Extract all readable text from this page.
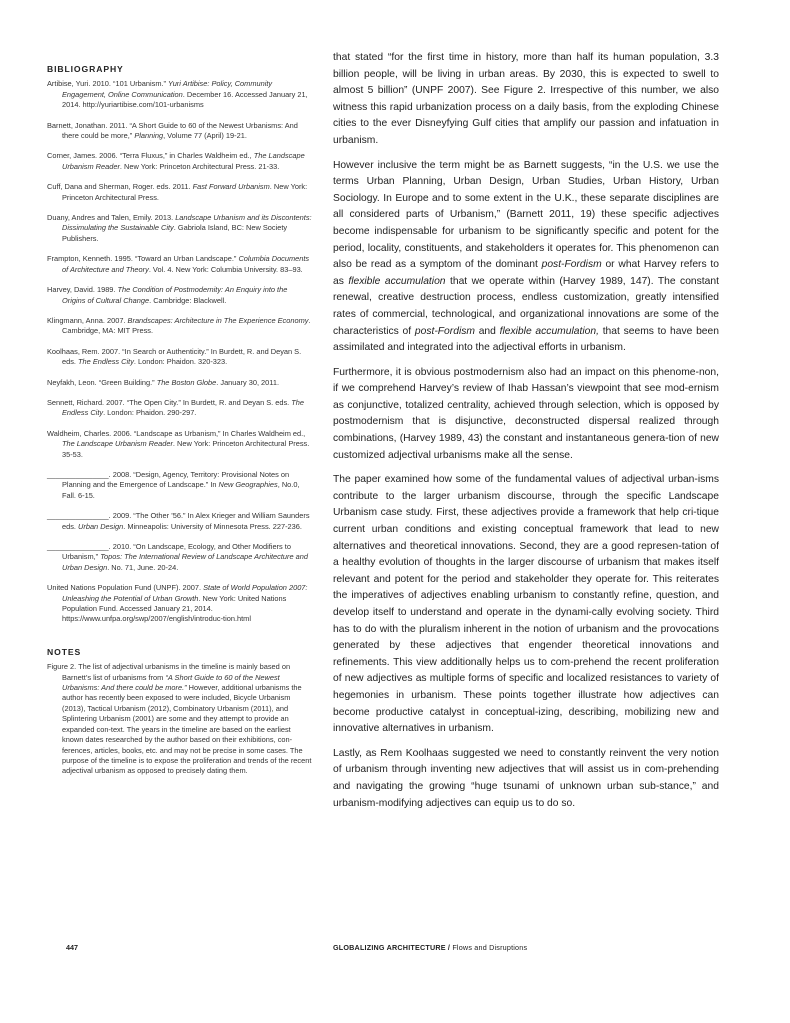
BIBLIOGRAPHY
Artibise, Yuri. 2010. “101 Urbanism.” Yuri Artibise: Policy, Community Engagement, Online Communication. December 16. Accessed January 21, 2014. http://yuriartibise.com/101-urbanisms
Barnett, Jonathan. 2011. “A Short Guide to 60 of the Newest Urbanisms: And there could be more,” Planning, Volume 77 (April) 19-21.
Corner, James. 2006. “Terra Fluxus,” in Charles Waldheim ed., The Landscape Urbanism Reader. New York: Princeton Architectural Press. 21-33.
Cuff, Dana and Sherman, Roger. eds. 2011. Fast Forward Urbanism. New York: Princeton Architectural Press.
Duany, Andres and Talen, Emily. 2013. Landscape Urbanism and its Discontents: Dissimulating the Sustainable City. Gabriola Island, BC: New Society Publishers.
Frampton, Kenneth. 1995. “Toward an Urban Landscape.” Columbia Documents of Architecture and Theory. Vol. 4. New York: Columbia University. 83–93.
Harvey, David. 1989. The Condition of Postmodernity: An Enquiry into the Origins of Cultural Change. Cambridge: Blackwell.
Klingmann, Anna. 2007. Brandscapes: Architecture in The Experience Economy. Cambridge, MA: MIT Press.
Koolhaas, Rem. 2007. “In Search or Authenticity.” In Burdett, R. and Deyan S. eds. The Endless City. London: Phaidon. 320-323.
Neyfakh, Leon. “Green Building.” The Boston Globe. January 30, 2011.
Sennett, Richard. 2007. “The Open City.” In Burdett, R. and Deyan S. eds. The Endless City. London: Phaidon. 290-297.
Waldheim, Charles. 2006. “Landscape as Urbanism,” In Charles Waldheim ed., The Landscape Urbanism Reader. New York: Princeton Architectural Press. 35-53.
_______________. 2008. “Design, Agency, Territory: Provisional Notes on Planning and the Emergence of Landscape.” In New Geographies, No.0, Fall. 6-15.
_______________. 2009. “The Other ’56.” In Alex Krieger and William Saunders eds. Urban Design. Minneapolis: University of Minnesota Press. 227-236.
_______________. 2010. “On Landscape, Ecology, and Other Modifiers to Urbanism,” Topos: The International Review of Landscape Architecture and Urban Design. No. 71, June. 20-24.
United Nations Population Fund (UNPF). 2007. State of World Population 2007: Unleashing the Potential of Urban Growth. New York: United Nations Population Fund. Accessed January 21, 2014. https://www.unfpa.org/swp/2007/english/introduc-tion.html
NOTES
Figure 2. The list of adjectival urbanisms in the timeline is mainly based on Barnett’s list of urbanisms from “A Short Guide to 60 of the Newest Urbanisms: And there could be more.” However, additional urbanisms the author has recently been exposed to were included, Bicycle Urbanism (2013), Tactical Urbanism (2012), Combinatory Urbanism (2011), and Splintering Urbanism (2001) are some and they attempt to provide an expanded con-text. The years in the timeline are based on the earliest known dates researched by the author based on their exhibitions, con-ferences, articles, books, etc. and may not be precise in some cases. The purpose of the timeline is to expose the proliferation and trends of the recent adjectival urbanism as opposed to precisely dating them.

that stated “for the first time in history, more than half its human population, 3.3 billion people, will be living in urban areas. By 2030, this is expected to swell to almost 5 billion” (UNPF 2007). See Figure 2. Irrespective of this number, we also witness this rapid urbanization process on a daily basis, from the exploding Chinese cities to the ever Disneyfying Gulf cities that amplify our passion and infatuation in urbanism.

However inclusive the term might be as Barnett suggests, “in the U.S. we use the terms Urban Planning, Urban Design, Urban Studies, Urban History, Urban Sociology. In Europe and to some extent in the U.K., these separate disciplines are all considered parts of Urbanism,” (Barnett 2011, 19) these specific adjectives become indispensable for urbanism to be significantly specific and potent for the period, locality, constituents, and stakeholders it operates for. This phenomenon can also be read as a symptom of the dominant post-Fordism or what Harvey refers to as flexible accumulation that we operate within (Harvey 1989, 147). The constant renewal, creative destruction process, endless customization, greatly intensified rates of commercial, technological, and organizational innovations are some of the characteristics of post-Fordism and flexible accumulation, that seems to have been assimilated and integrated into the adjectival efforts in urbanism.

Furthermore, it is obvious postmodernism also had an impact on this phenome-non, if we comprehend Harvey’s review of Ihab Hassan’s viewpoint that see mod-ernism as conjunctive, totalized centrality, achieved through selection, which is opposed by postmodernism that is disjunctive, deconstructed dispersal realized through combinations, (Harvey 1989, 43) the constant and instantaneous genera-tion of new customized adjectival urbanisms make all the sense.

The paper examined how some of the fundamental values of adjectival urban-isms contribute to the larger urbanism discourse, through the specific Landscape Urbanism case study. First, these adjectives provide a framework that help cri-tique current urban conditions and existing conceptual framework that lead to new alternatives and theoretical innovations. Second, they are a good represen-tation of a healthy evolution of thoughts in the larger discourse of urbanism that makes itself relevant and potent for the period and stakeholder they operate for. This reiterates the imperatives of adjectives enabling urbanism to constantly refine, question, and develop itself to understand and operate in the dynami-cally evolving society. Third has to do with the pluralism inherent in the notion of urbanism and the provocations generated by these adjectives that engender theoretical innovations and refinements. This view additionally helps us to com-prehend the recent proliferation of new adjectives as multiple forms of specific and localized resistances to variety of hegemonies in urbanism. These points together illustrate how adjectives can become productive catalyst in conceptual-izing, describing, mobilizing new and innovative alternatives in urbanism.

Lastly, as Rem Koolhaas suggested we need to constantly reinvent the very notion of urbanism through inventing new adjectives that will assist us in com-prehending and navigating the growing “huge tsunami of unknown urban sub-stance,” and urbanism-modifying adjectives can equip us to do so.

447	GLOBALIZING ARCHITECTURE / Flows and Disruptions
